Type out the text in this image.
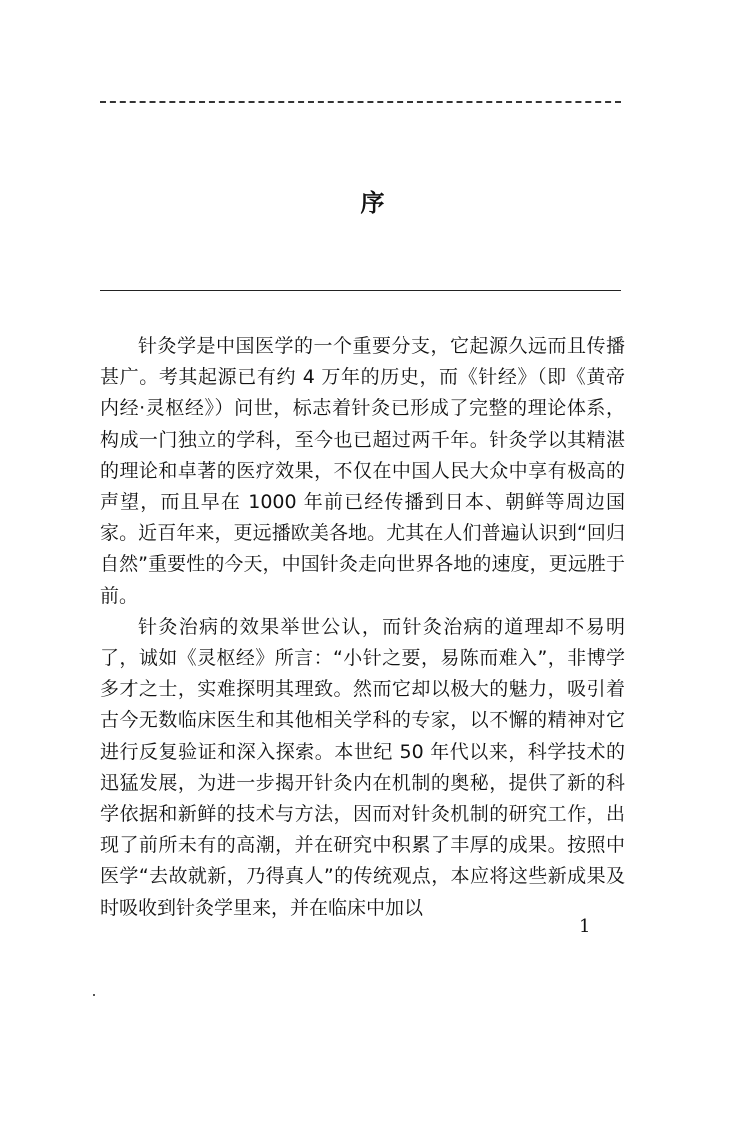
序

针灸学是中国医学的一个重要分支，它起源久远而且传播甚广。考其起源已有约 4 万年的历史，而《针经》（即《黄帝内经·灵枢经》）问世，标志着针灸已形成了完整的理论体系，构成一门独立的学科，至今也已超过两千年。针灸学以其精湛的理论和卓著的医疗效果，不仅在中国人民大众中享有极高的声望，而且早在 1000 年前已经传播到日本、朝鲜等周边国家。近百年来，更远播欧美各地。尤其在人们普遍认识到“回归自然”重要性的今天，中国针灸走向世界各地的速度，更远胜于前。

针灸治病的效果举世公认，而针灸治病的道理却不易明了，诚如《灵枢经》所言：“小针之要，易陈而难入”，非博学多才之士，实难探明其理致。然而它却以极大的魅力，吸引着古今无数临床医生和其他相关学科的专家，以不懈的精神对它进行反复验证和深入探索。本世纪 50 年代以来，科学技术的迅猛发展，为进一步揭开针灸内在机制的奥秘，提供了新的科学依据和新鲜的技术与方法，因而对针灸机制的研究工作，出现了前所未有的高潮，并在研究中积累了丰厚的成果。按照中医学“去故就新，乃得真人”的传统观点，本应将这些新成果及时吸收到针灸学里来，并在临床中加以

1
